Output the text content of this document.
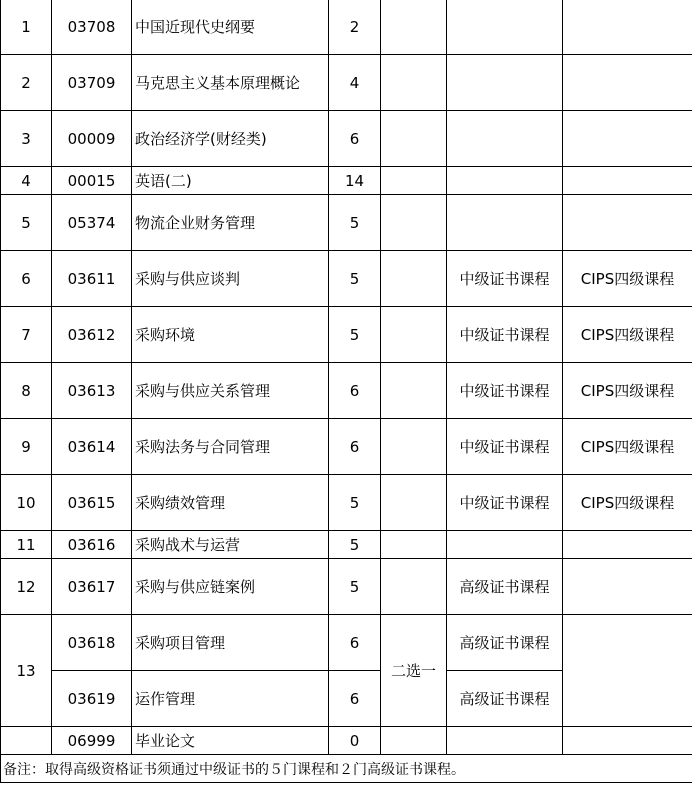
1	03708	中国近现代史纲要	2			
2	03709	马克思主义基本原理概论	4			
3	00009	政治经济学(财经类)	6			
4	00015	英语(二)	14			
5	05374	物流企业财务管理	5			
6	03611	采购与供应谈判	5		中级证书课程	CIPS四级课程
7	03612	采购环境	5		中级证书课程	CIPS四级课程
8	03613	采购与供应关系管理	6		中级证书课程	CIPS四级课程
9	03614	采购法务与合同管理	6		中级证书课程	CIPS四级课程
10	03615	采购绩效管理	5		中级证书课程	CIPS四级课程
11	03616	采购战术与运营	5			
12	03617	采购与供应链案例	5		高级证书课程	
13	03618	采购项目管理	6	二选一	高级证书课程	
	03619	运作管理	6		高级证书课程	
	06999	毕业论文	0			
备注：取得高级资格证书须通过中级证书的５门课程和２门高级证书课程。						
